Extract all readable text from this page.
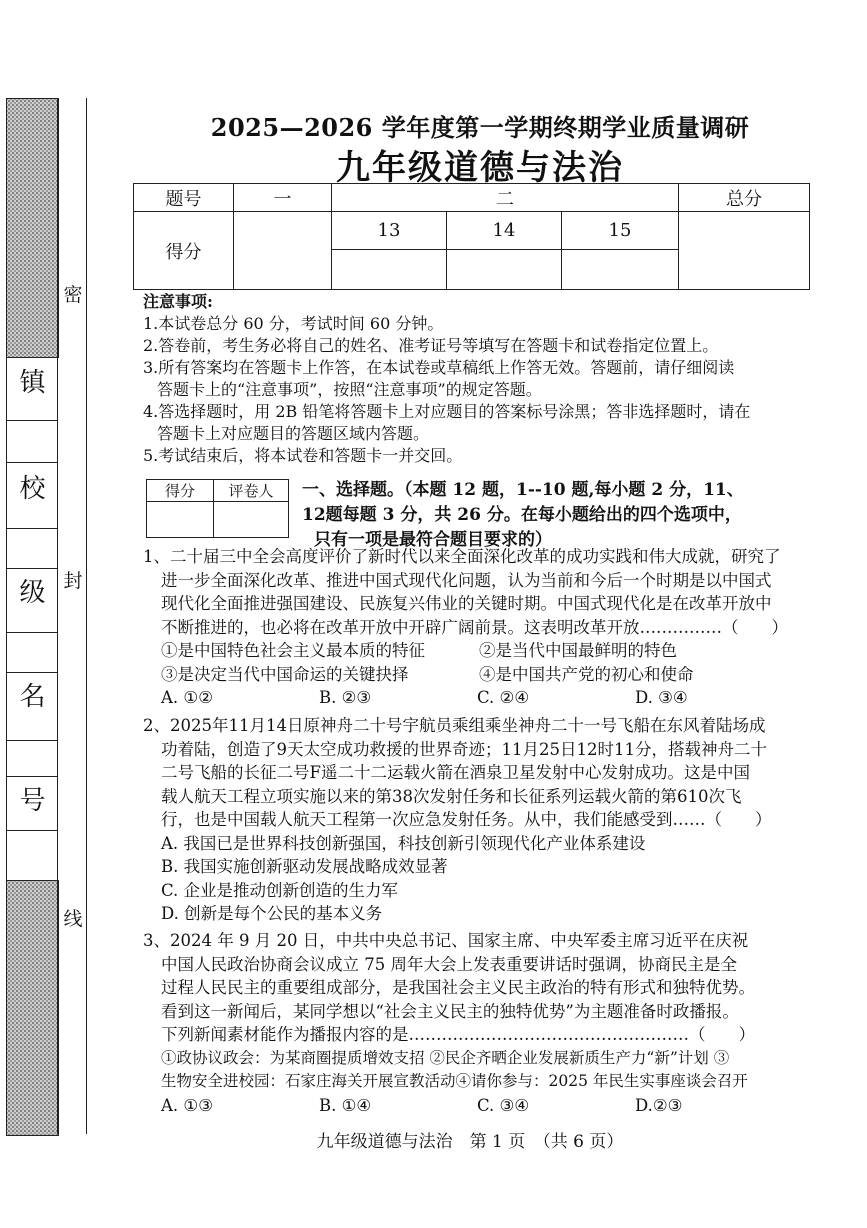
镇
校
级
名
号
密
封
线
2025—2026 学年度第一学期终期学业质量调研
九年级道德与法治
题号	一	二			总分
得分		13	14	15	

注意事项:
1.本试卷总分 60 分，考试时间 60 分钟。
2.答卷前，考生务必将自己的姓名、准考证号等填写在答题卡和试卷指定位置上。
3.所有答案均在答题卡上作答，在本试卷或草稿纸上作答无效。答题前，请仔细阅读
答题卡上的“注意事项”，按照“注意事项”的规定答题。
4.答选择题时，用 2B 铅笔将答题卡上对应题目的答案标号涂黑；答非选择题时，请在
答题卡上对应题目的答题区域内答题。
5.考试结束后，将本试卷和答题卡一并交回。
得分	评卷人
	一、选择题。（本题 12 题，1--10 题,每小题 2 分，11、
12题每题 3 分，共 26 分。在每小题给出的四个选项中，
只有一项是最符合题目要求的）
1、二十届三中全会高度评价了新时代以来全面深化改革的成功实践和伟大成就，研究了
进一步全面深化改革、推进中国式现代化问题，认为当前和今后一个时期是以中国式
现代化全面推进强国建设、民族复兴伟业的关键时期。中国式现代化是在改革开放中
不断推进的，也必将在改革开放中开辟广阔前景。这表明改革开放……………（　　）
①是中国特色社会主义最本质的特征	②是当代中国最鲜明的特色
③是决定当代中国命运的关键抉择	④是中国共产党的初心和使命
A. ①②	B. ②③	C. ②④	D. ③④
2、2025年11月14日原神舟二十号宇航员乘组乘坐神舟二十一号飞船在东风着陆场成
功着陆，创造了9天太空成功救援的世界奇迹；11月25日12时11分，搭载神舟二十
二号飞船的长征二号F遥二十二运载火箭在酒泉卫星发射中心发射成功。这是中国
载人航天工程立项实施以来的第38次发射任务和长征系列运载火箭的第610次飞
行，也是中国载人航天工程第一次应急发射任务。从中，我们能感受到……（　　）
A. 我国已是世界科技创新强国，科技创新引领现代化产业体系建设
B. 我国实施创新驱动发展战略成效显著
C. 企业是推动创新创造的生力军
D. 创新是每个公民的基本义务
3、2024 年 9 月 20 日，中共中央总书记、国家主席、中央军委主席习近平在庆祝
中国人民政治协商会议成立 75 周年大会上发表重要讲话时强调，协商民主是全
过程人民民主的重要组成部分，是我国社会主义民主政治的特有形式和独特优势。
看到这一新闻后，某同学想以“社会主义民主的独特优势”为主题准备时政播报。
下列新闻素材能作为播报内容的是……………………………………………（　　）
①政协议政会：为某商圈提质增效支招 ②民企齐晒企业发展新质生产力“新”计划 ③
生物安全进校园：石家庄海关开展宣教活动④请你参与：2025 年民生实事座谈会召开
A. ①③	B. ①④	C. ③④	D.②③
九年级道德与法治　第 1 页　（共 6 页）
